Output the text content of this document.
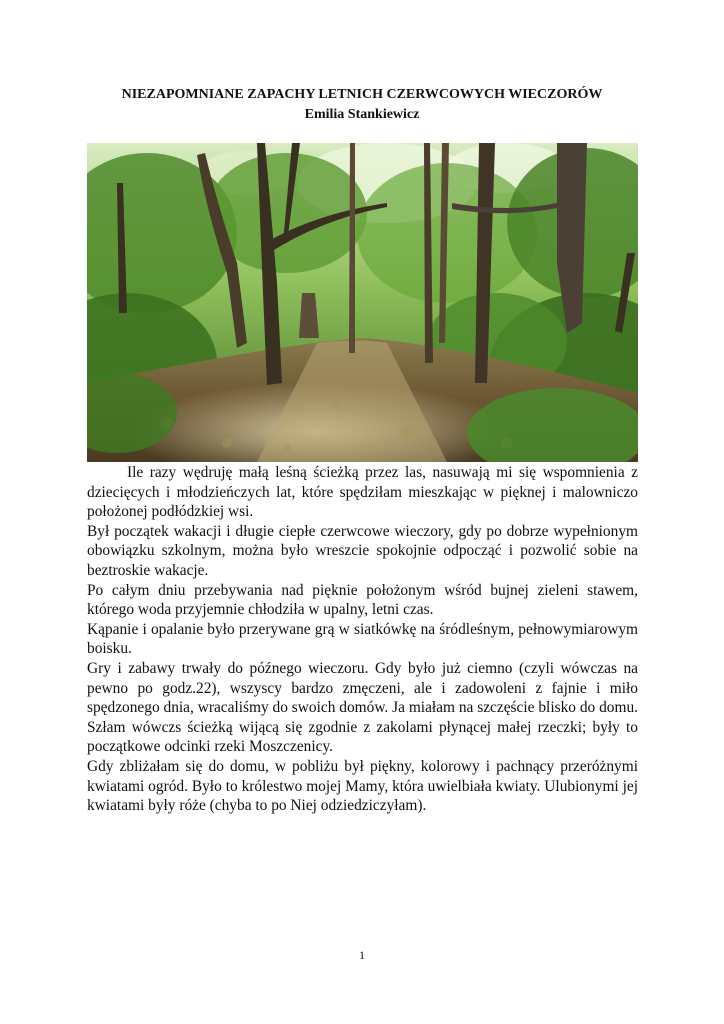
NIEZAPOMNIANE ZAPACHY LETNICH CZERWCOWYCH WIECZORÓW
Emilia Stankiewicz

Ile razy wędruję małą leśną ścieżką przez las, nasuwają mi się wspomnienia z dziecięcych i młodzieńczych lat, które spędziłam mieszkając w pięknej i malowniczo położonej podłódzkiej wsi.

Był początek wakacji i długie ciepłe czerwcowe wieczory, gdy po dobrze wypełnionym obowiązku szkolnym, można było wreszcie spokojnie odpocząć i pozwolić sobie na beztroskie wakacje.

Po całym dniu przebywania nad pięknie położonym wśród bujnej zieleni stawem, którego woda przyjemnie chłodziła w upalny, letni czas.

Kąpanie i opalanie było przerywane grą w siatkówkę na śródleśnym, pełnowymiarowym boisku.

Gry i zabawy trwały do późnego wieczoru. Gdy było już ciemno (czyli wówczas na pewno po godz.22), wszyscy bardzo zmęczeni, ale i zadowoleni z fajnie i miło spędzonego dnia, wracaliśmy do swoich domów. Ja miałam na szczęście blisko do domu. Szłam wówczs ścieżką wijącą się zgodnie z zakolami płynącej małej rzeczki; były to początkowe odcinki rzeki Moszczenicy.

Gdy zbliżałam się do domu, w pobliżu był piękny, kolorowy i pachnący przeróżnymi kwiatami ogród. Było to królestwo mojej Mamy, która uwielbiała kwiaty. Ulubionymi jej kwiatami były róże (chyba to po Niej odziedziczyłam).

1
